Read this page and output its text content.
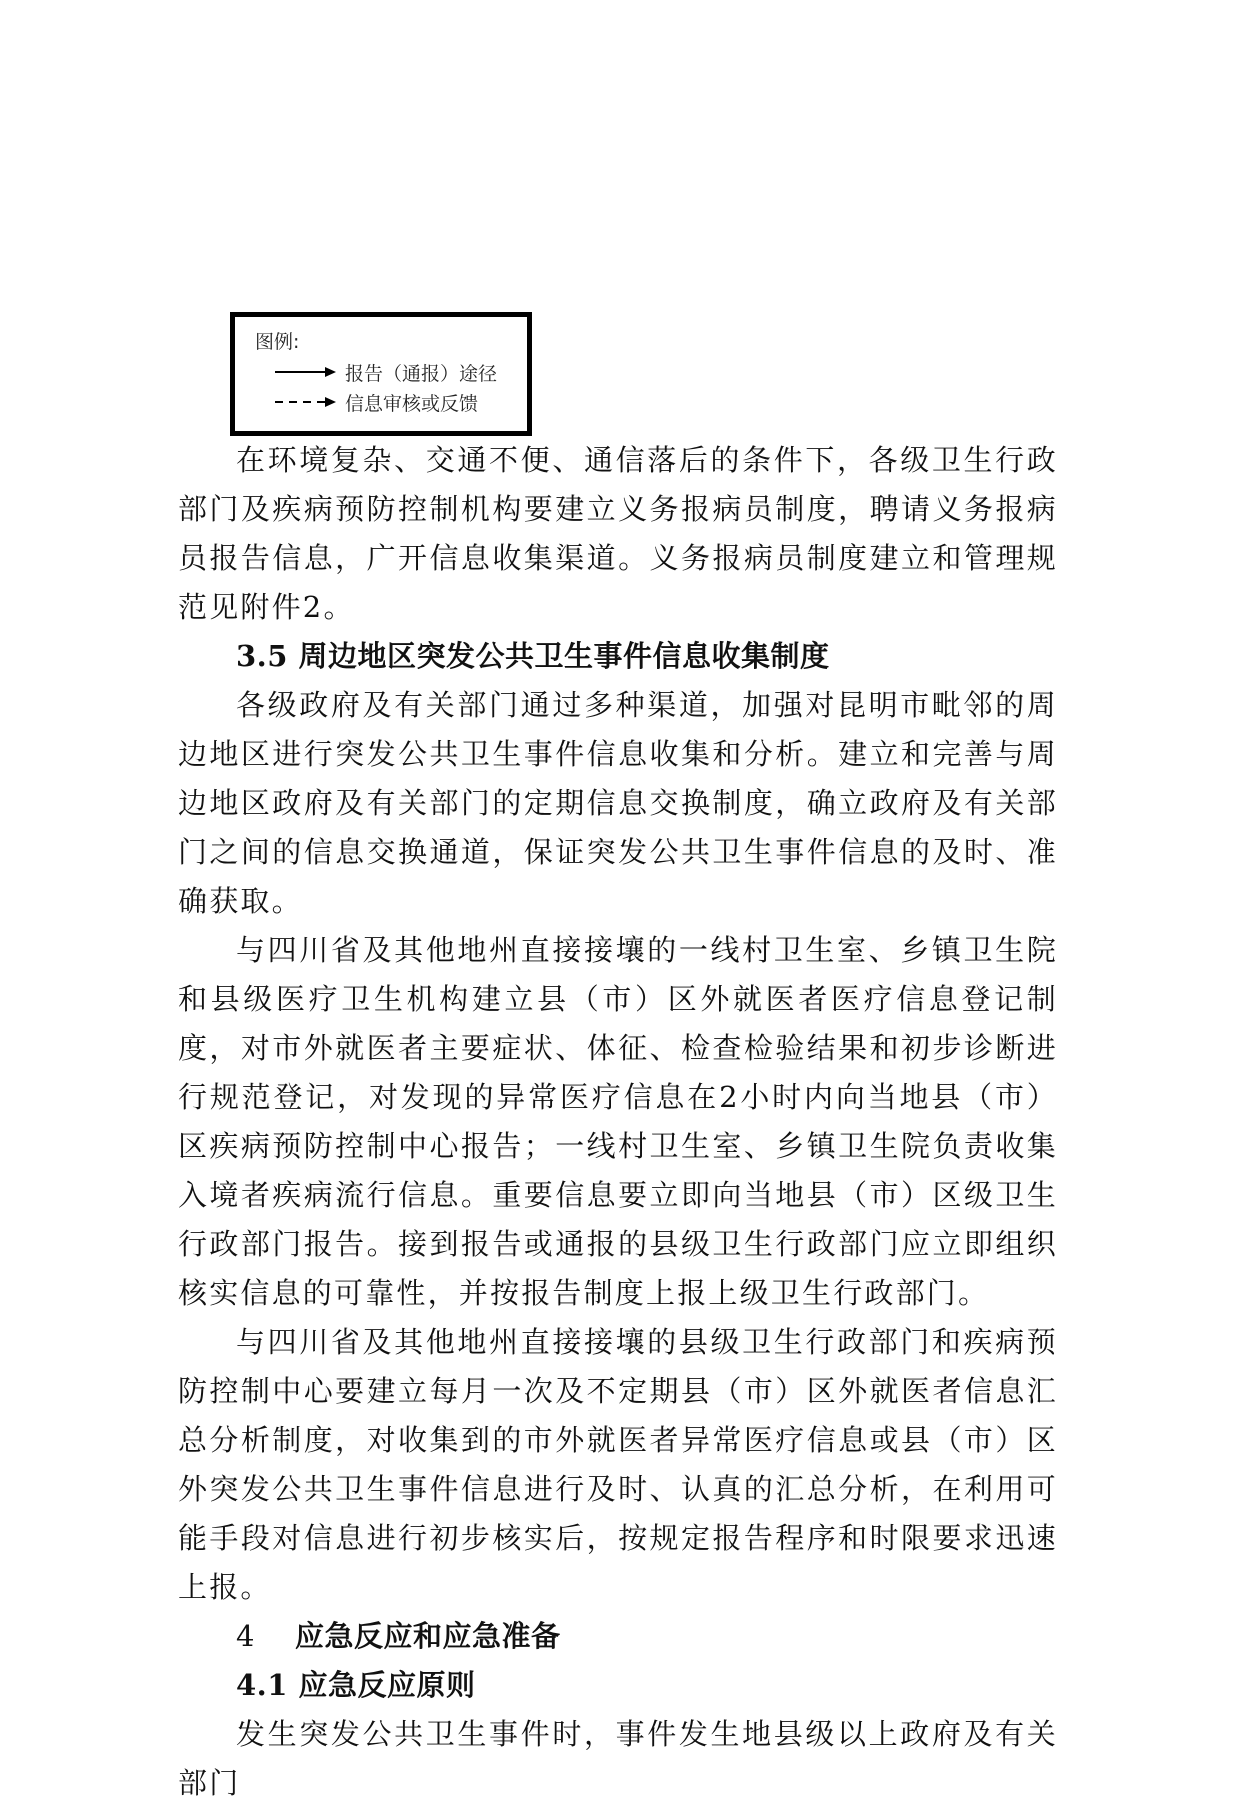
图例:
报告（通报）途径
信息审核或反馈

在环境复杂、交通不便、通信落后的条件下，各级卫生行政部门及疾病预防控制机构要建立义务报病员制度，聘请义务报病员报告信息，广开信息收集渠道。义务报病员制度建立和管理规范见附件2。

3.5 周边地区突发公共卫生事件信息收集制度

各级政府及有关部门通过多种渠道，加强对昆明市毗邻的周边地区进行突发公共卫生事件信息收集和分析。建立和完善与周边地区政府及有关部门的定期信息交换制度，确立政府及有关部门之间的信息交换通道，保证突发公共卫生事件信息的及时、准确获取。

与四川省及其他地州直接接壤的一线村卫生室、乡镇卫生院和县级医疗卫生机构建立县（市）区外就医者医疗信息登记制度，对市外就医者主要症状、体征、检查检验结果和初步诊断进行规范登记，对发现的异常医疗信息在2小时内向当地县（市）区疾病预防控制中心报告；一线村卫生室、乡镇卫生院负责收集入境者疾病流行信息。重要信息要立即向当地县（市）区级卫生行政部门报告。接到报告或通报的县级卫生行政部门应立即组织核实信息的可靠性，并按报告制度上报上级卫生行政部门。

与四川省及其他地州直接接壤的县级卫生行政部门和疾病预防控制中心要建立每月一次及不定期县（市）区外就医者信息汇总分析制度，对收集到的市外就医者异常医疗信息或县（市）区外突发公共卫生事件信息进行及时、认真的汇总分析，在利用可能手段对信息进行初步核实后，按规定报告程序和时限要求迅速上报。

4 应急反应和应急准备

4.1 应急反应原则

发生突发公共卫生事件时，事件发生地县级以上政府及有关部门
